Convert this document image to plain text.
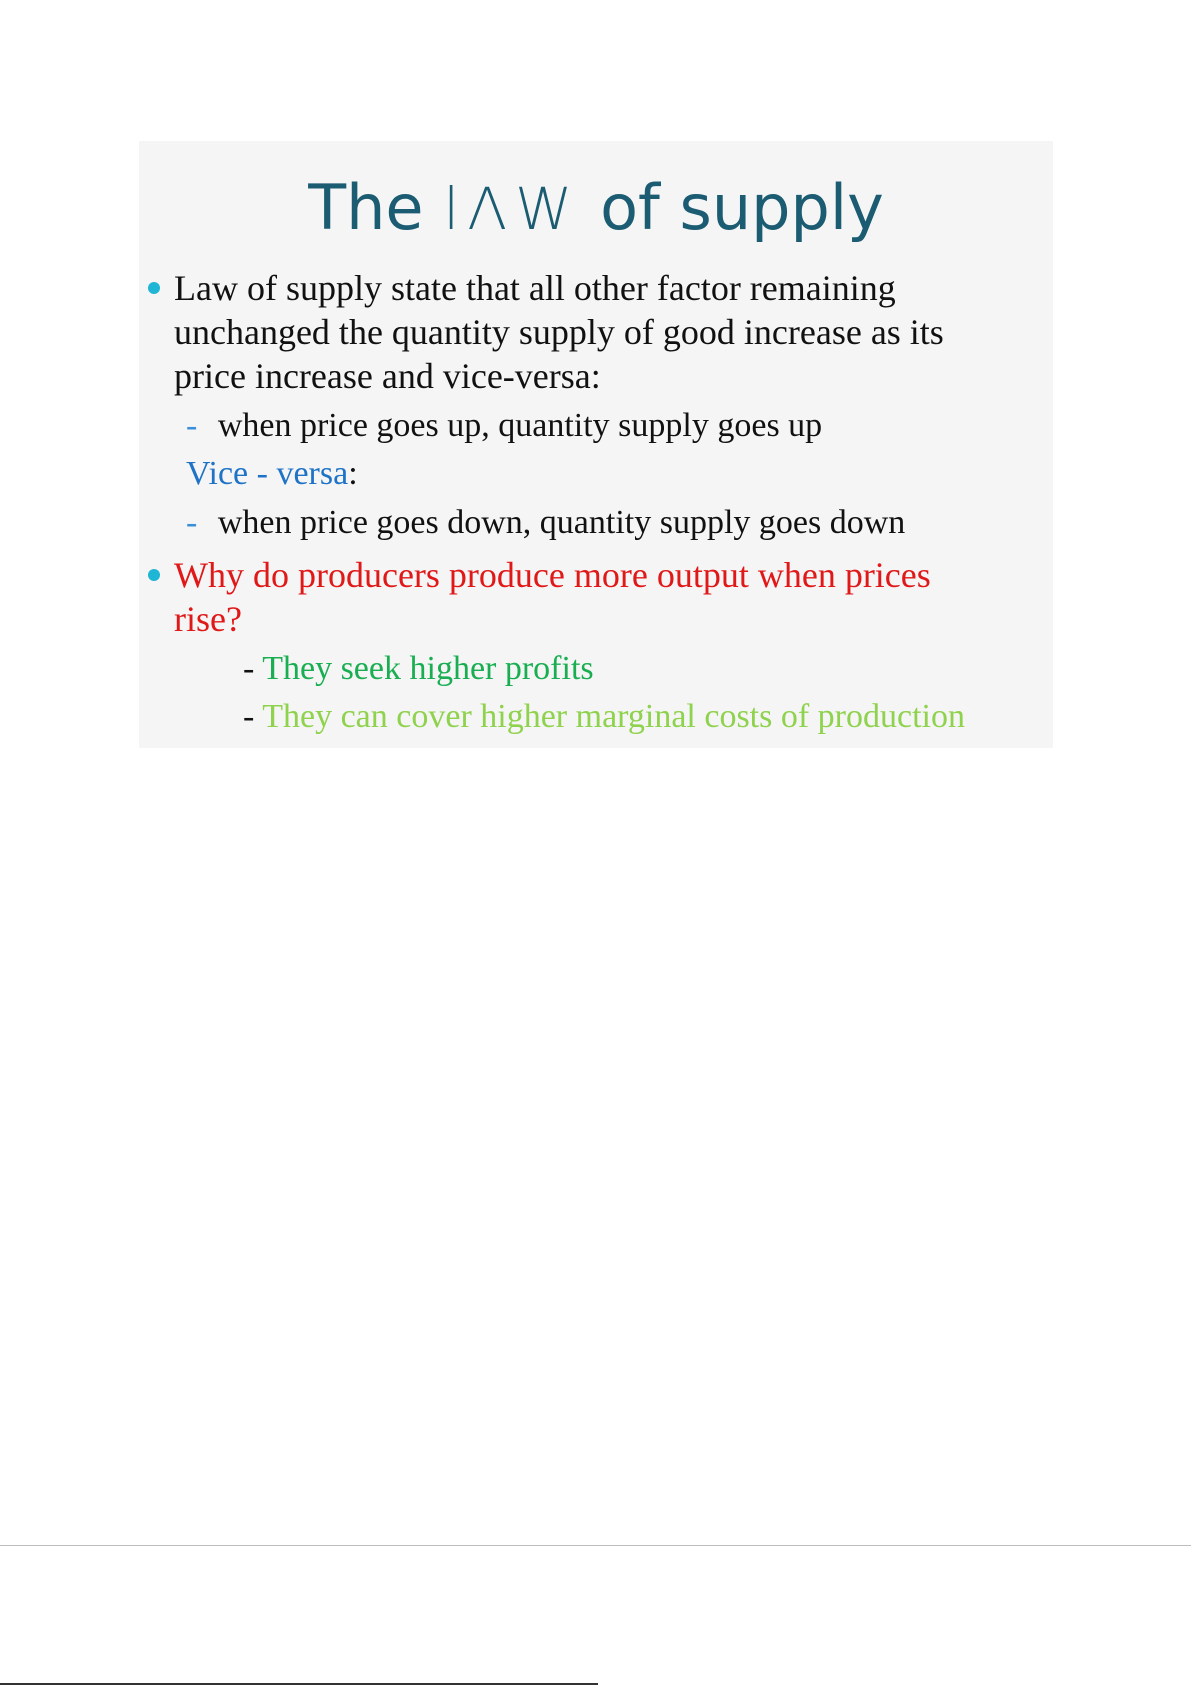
The lΛW of supply
Law of supply state that all other factor remaining
unchanged the quantity supply of good increase as its
price increase and vice-versa:
- when price goes up, quantity supply goes up
Vice - versa:
- when price goes down, quantity supply goes down
Why do producers produce more output when prices
rise?
- They seek higher profits
- They can cover higher marginal costs of production
